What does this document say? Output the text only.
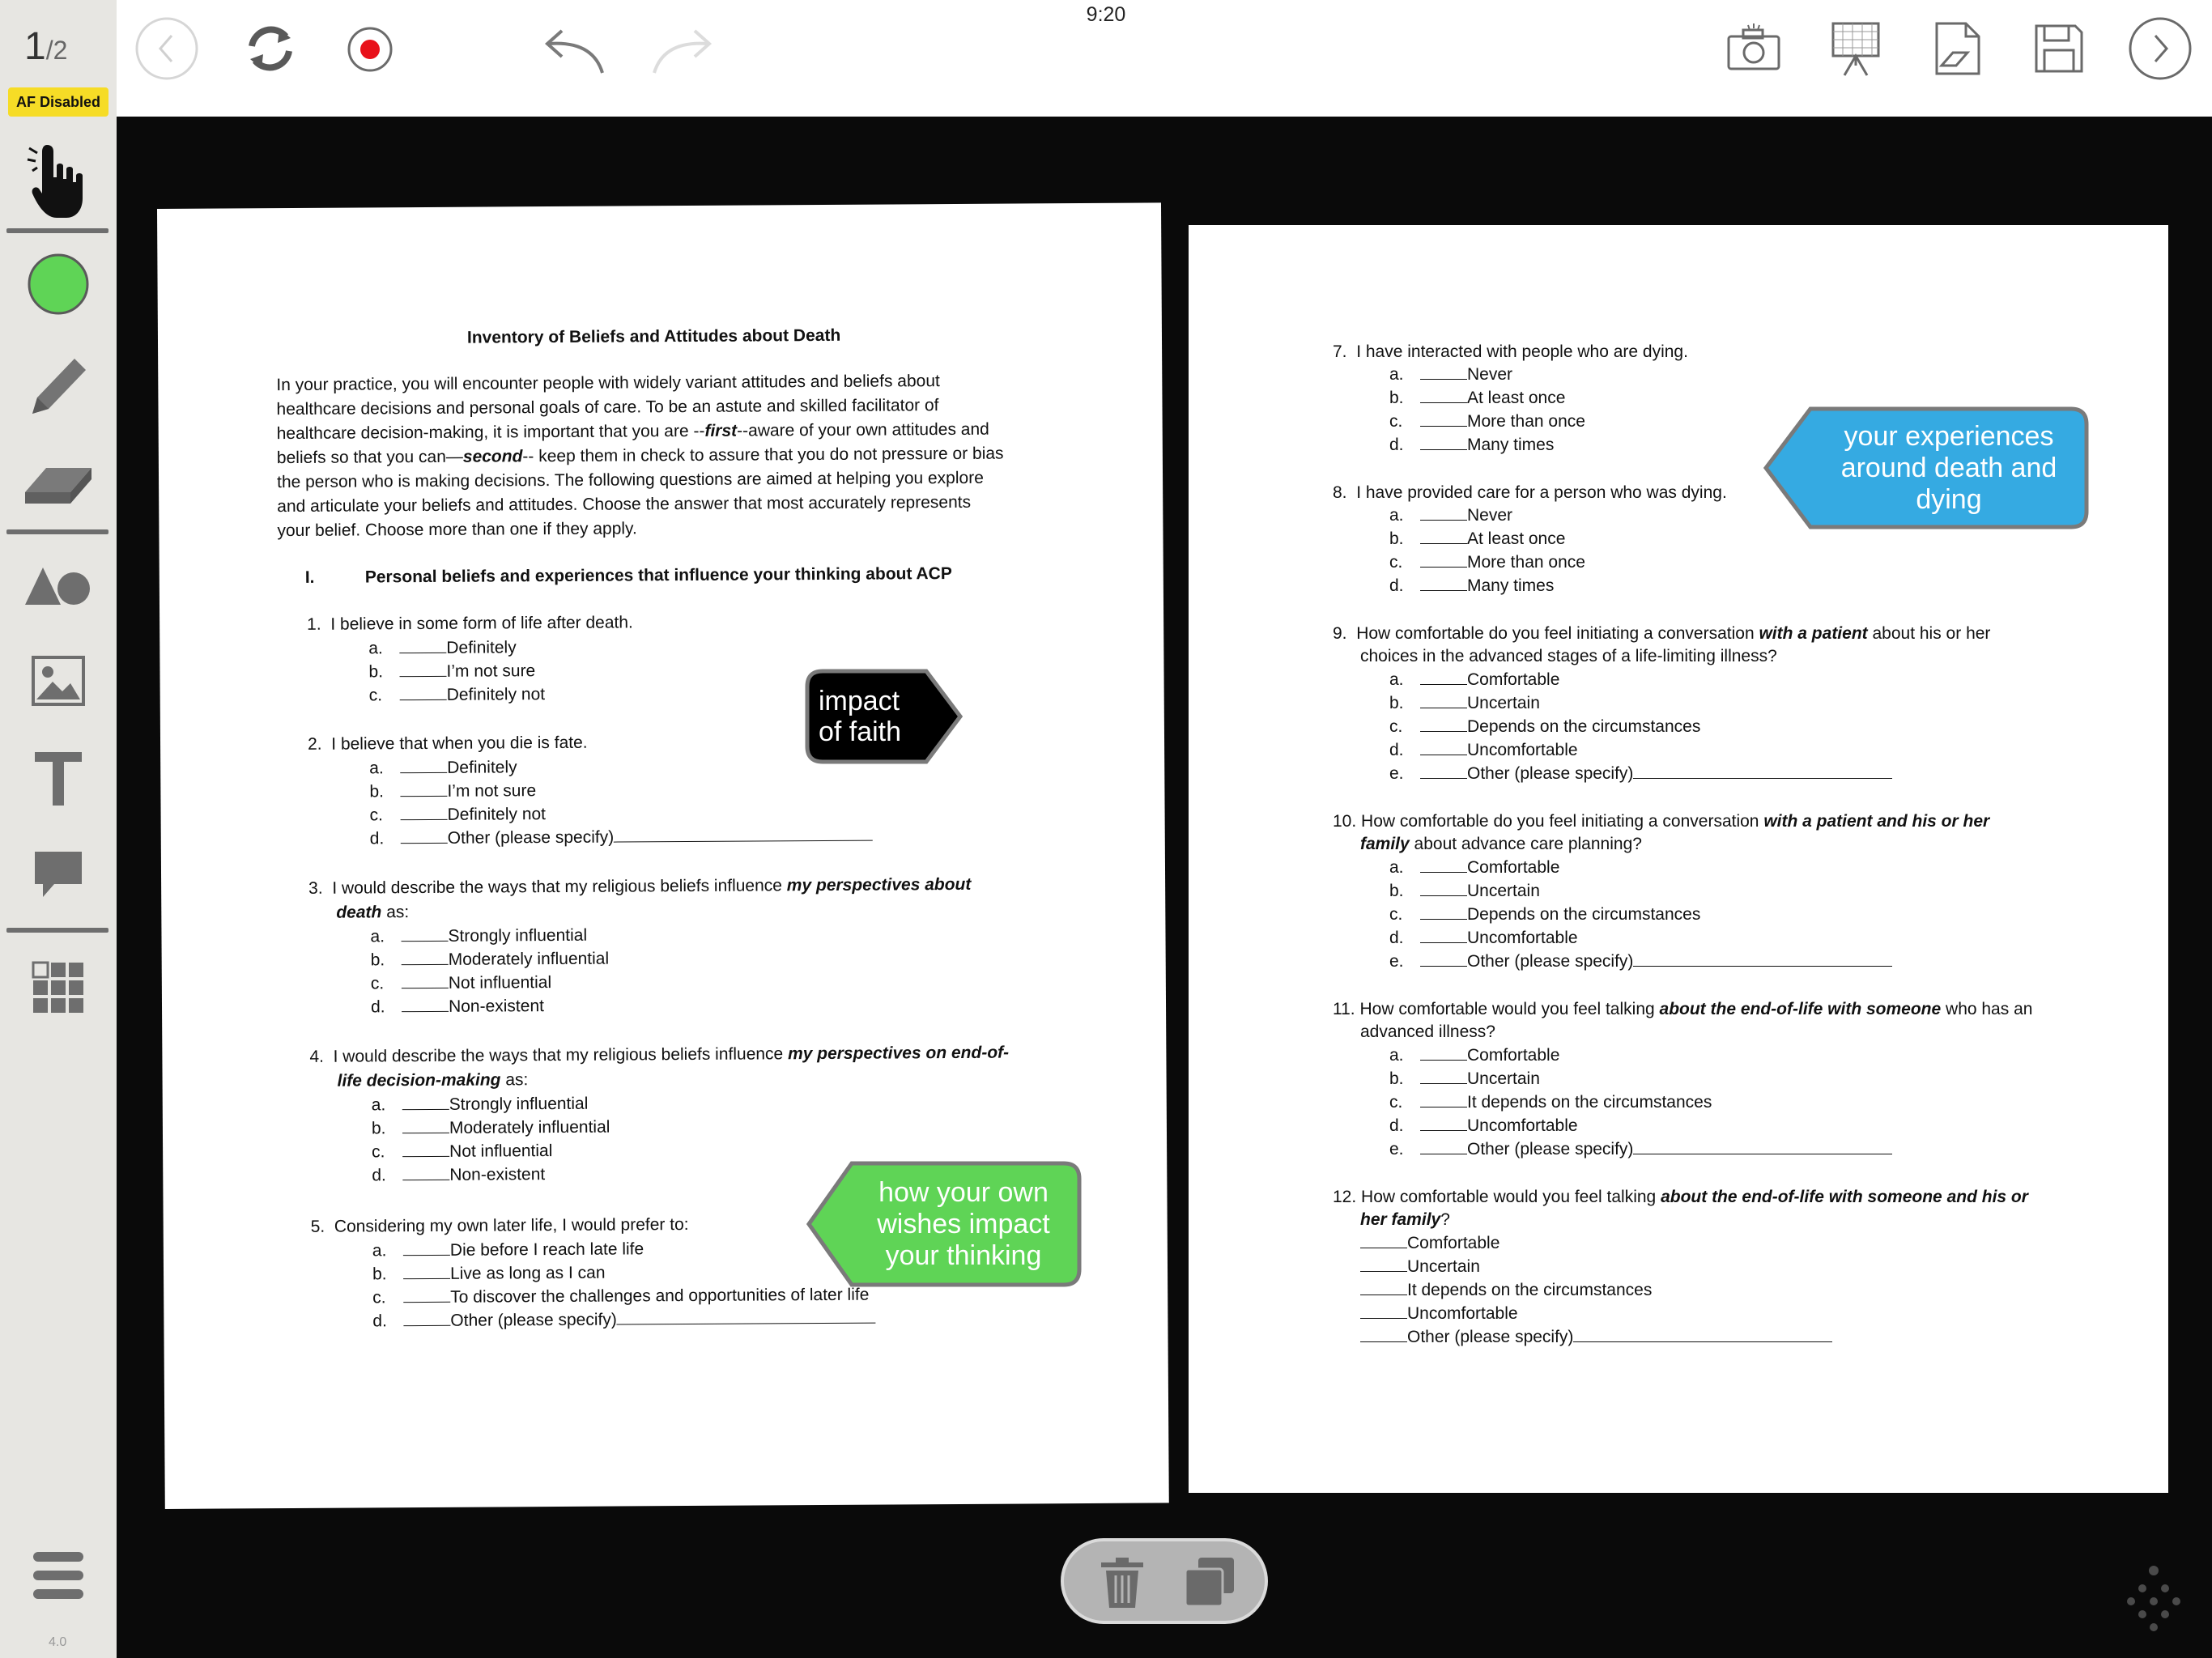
9:20
1/2
AF Disabled
4.0
Inventory of Beliefs and Attitudes about Death
In your practice, you will encounter people with widely variant attitudes and beliefs about
healthcare decisions and personal goals of care. To be an astute and skilled facilitator of
healthcare decision-making, it is important that you are --first--aware of your own attitudes and
beliefs so that you can—second-- keep them in check to assure that you do not pressure or bias
the person who is making decisions. The following questions are aimed at helping you explore
and articulate your beliefs and attitudes. Choose the answer that most accurately represents
your belief. Choose more than one if they apply.
I.	Personal beliefs and experiences that influence your thinking about ACP
1. I believe in some form of life after death.
a.	Definitely
b.	I’m not sure
c.	Definitely not
2. I believe that when you die is fate.
a.	Definitely
b.	I’m not sure
c.	Definitely not
d.	Other (please specify)
3. I would describe the ways that my religious beliefs influence my perspectives about
death as:
a.	Strongly influential
b.	Moderately influential
c.	Not influential
d.	Non-existent
4. I would describe the ways that my religious beliefs influence my perspectives on end-of-
life decision-making as:
a.	Strongly influential
b.	Moderately influential
c.	Not influential
d.	Non-existent
5. Considering my own later life, I would prefer to:
a.	Die before I reach late life
b.	Live as long as I can
c.	To discover the challenges and opportunities of later life
d.	Other (please specify)
7. I have interacted with people who are dying.
a.	Never
b.	At least once
c.	More than once
d.	Many times
8. I have provided care for a person who was dying.
a.	Never
b.	At least once
c.	More than once
d.	Many times
9. How comfortable do you feel initiating a conversation with a patient about his or her
choices in the advanced stages of a life-limiting illness?
a.	Comfortable
b.	Uncertain
c.	Depends on the circumstances
d.	Uncomfortable
e.	Other (please specify)
10. How comfortable do you feel initiating a conversation with a patient and his or her
family about advance care planning?
a.	Comfortable
b.	Uncertain
c.	Depends on the circumstances
d.	Uncomfortable
e.	Other (please specify)
11. How comfortable would you feel talking about the end-of-life with someone who has an
advanced illness?
a.	Comfortable
b.	Uncertain
c.	It depends on the circumstances
d.	Uncomfortable
e.	Other (please specify)
12. How comfortable would you feel talking about the end-of-life with someone and his or
her family?
Comfortable
Uncertain
It depends on the circumstances
Uncomfortable
Other (please specify)
impact
of faith
how your own
wishes impact
your thinking
your experiences
around death and
dying
